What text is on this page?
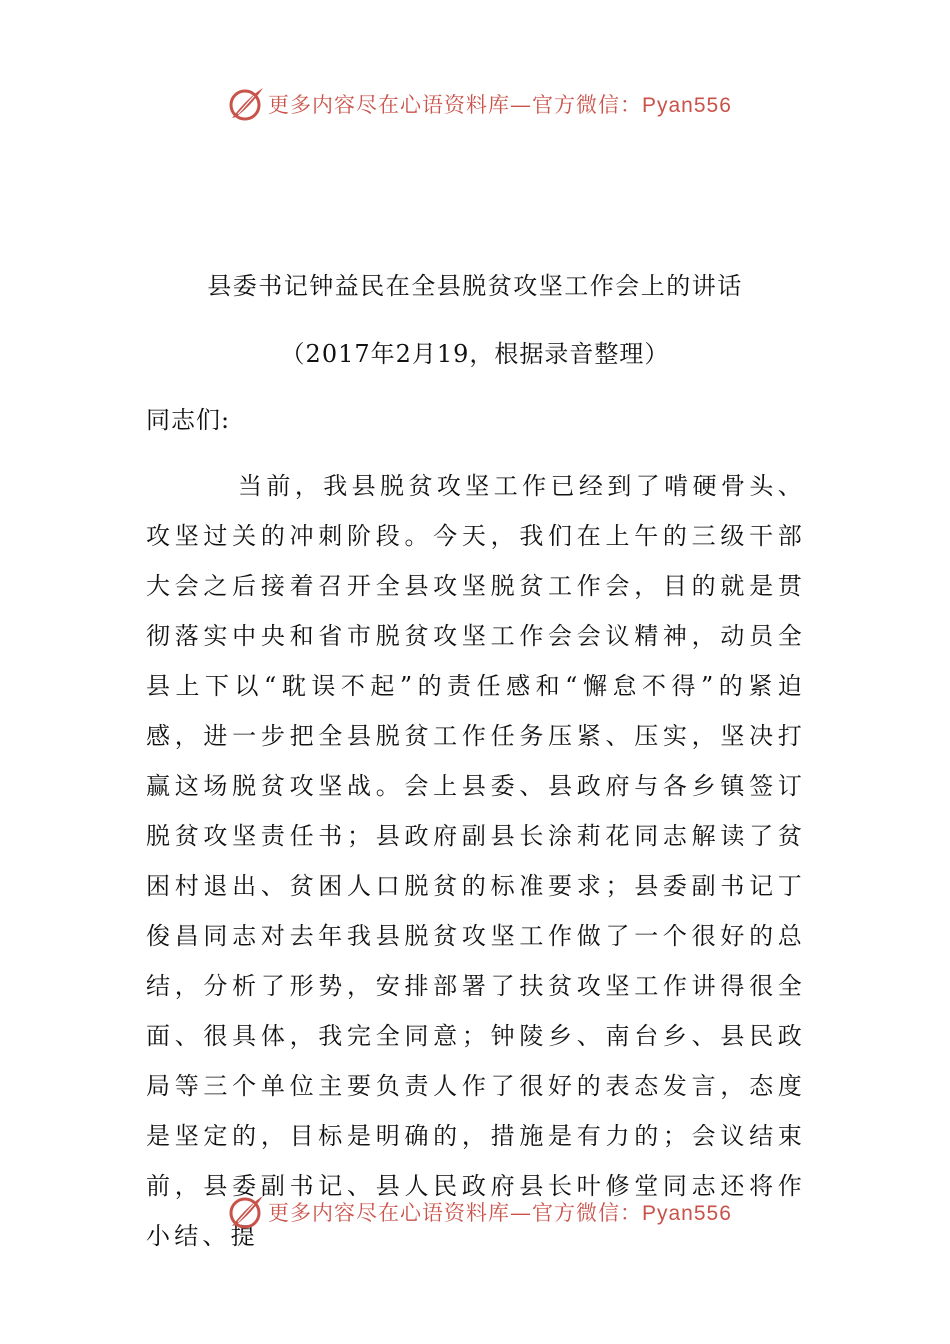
更多内容尽在心语资料库—官方微信：Pyan556
县委书记钟益民在全县脱贫攻坚工作会上的讲话
（2017年2月19，根据录音整理）
同志们:

当前，我县脱贫攻坚工作已经到了啃硬骨头、攻坚过关的冲刺阶段。今天，我们在上午的三级干部大会之后接着召开全县攻坚脱贫工作会，目的就是贯彻落实中央和省市脱贫攻坚工作会会议精神，动员全县上下以“耽误不起”的责任感和“懈怠不得”的紧迫感，进一步把全县脱贫工作任务压紧、压实，坚决打赢这场脱贫攻坚战。会上县委、县政府与各乡镇签订脱贫攻坚责任书；县政府副县长涂莉花同志解读了贫困村退出、贫困人口脱贫的标准要求；县委副书记丁俊昌同志对去年我县脱贫攻坚工作做了一个很好的总结，分析了形势，安排部署了扶贫攻坚工作讲得很全面、很具体，我完全同意；钟陵乡、南台乡、县民政局等三个单位主要负责人作了很好的表态发言，态度是坚定的，目标是明确的，措施是有力的；会议结束前，县委副书记、县人民政府县长叶修堂同志还将作小结、提

更多内容尽在心语资料库—官方微信：Pyan556
